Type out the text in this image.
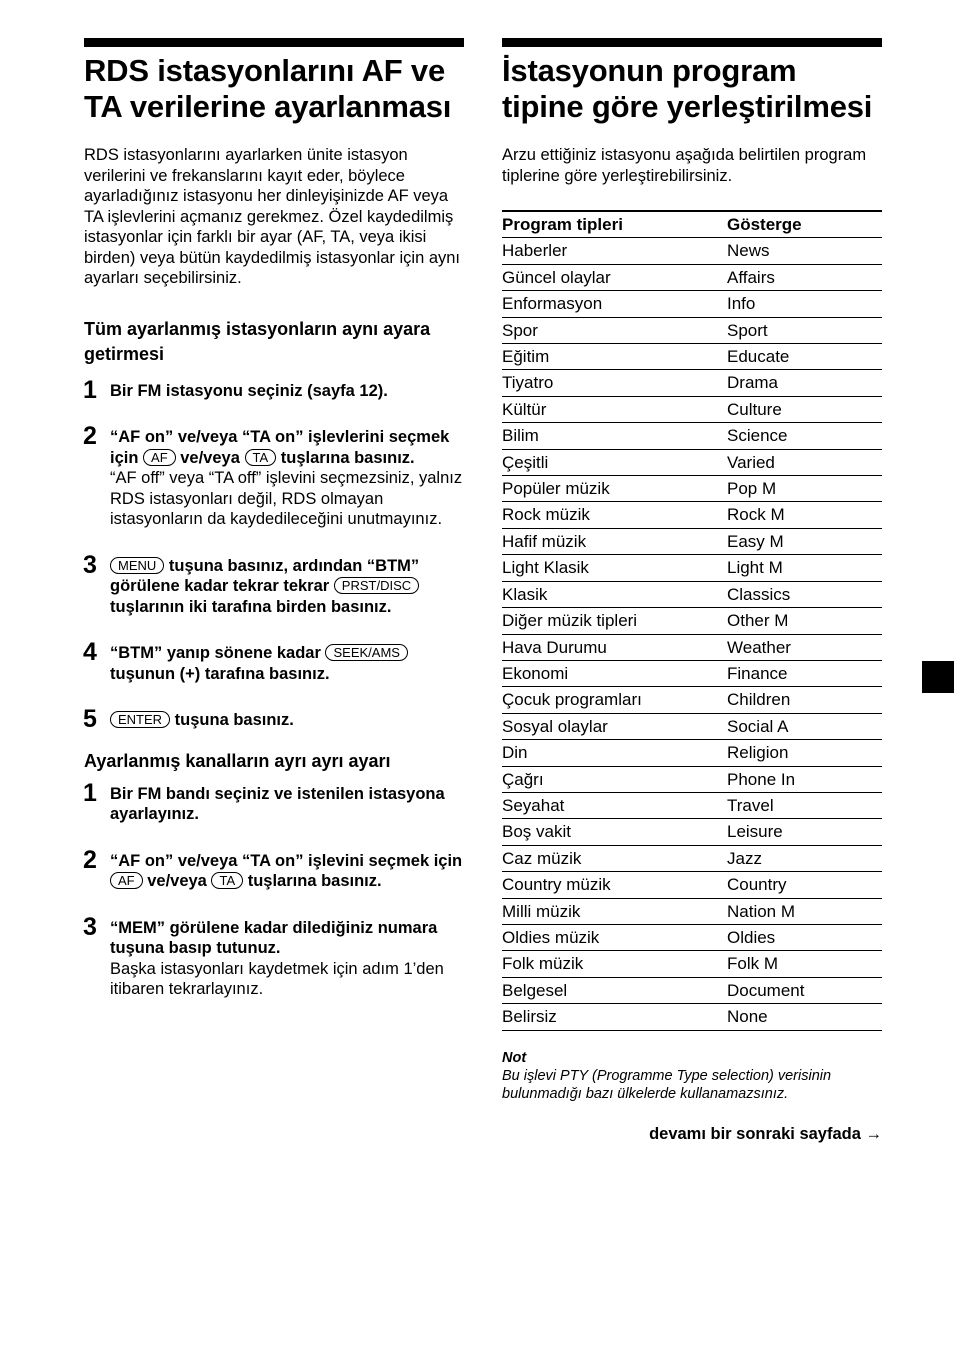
RDS istasyonlarını AF ve TA verilerine ayarlanması
RDS istasyonlarını ayarlarken ünite istasyon verilerini ve frekanslarını kayıt eder, böylece ayarladığınız istasyonu her dinleyişinizde AF veya TA işlevlerini açmanız gerekmez. Özel kaydedilmiş istasyonlar için farklı bir ayar (AF, TA, veya ikisi birden) veya bütün kaydedilmiş istasyonlar için aynı ayarları seçebilirsiniz.
Tüm ayarlanmış istasyonların aynı ayara getirmesi
1 Bir FM istasyonu seçiniz (sayfa 12).
2 “AF on” ve/veya “TA on” işlevlerini seçmek için AF ve/veya TA tuşlarına basınız.
“AF off” veya “TA off” işlevini seçmezsiniz, yalnız RDS istasyonları değil, RDS olmayan istasyonların da kaydedileceğini unutmayınız.
3 MENU tuşuna basınız, ardından “BTM” görülene kadar tekrar tekrar PRST/DISC tuşlarının iki tarafına birden basınız.
4 “BTM” yanıp sönene kadar SEEK/AMS tuşunun (+) tarafına basınız.
5 ENTER tuşuna basınız.
Ayarlanmış kanalların ayrı ayrı ayarı
1 Bir FM bandı seçiniz ve istenilen istasyona ayarlayınız.
2 “AF on” ve/veya “TA on” işlevini seçmek için AF ve/veya TA tuşlarına basınız.
3 “MEM” görülene kadar dilediğiniz numara tuşuna basıp tutunuz.
Başka istasyonları kaydetmek için adım 1’den itibaren tekrarlayınız.
İstasyonun program tipine göre yerleştirilmesi
Arzu ettiğiniz istasyonu aşağıda belirtilen program tiplerine göre yerleştirebilirsiniz.
Program tipleri	Gösterge
Haberler	News
Güncel olaylar	Affairs
Enformasyon	Info
Spor	Sport
Eğitim	Educate
Tiyatro	Drama
Kültür	Culture
Bilim	Science
Çeşitli	Varied
Popüler müzik	Pop M
Rock müzik	Rock M
Hafif müzik	Easy M
Light Klasik	Light M
Klasik	Classics
Diğer müzik tipleri	Other M
Hava Durumu	Weather
Ekonomi	Finance
Çocuk programları	Children
Sosyal olaylar	Social A
Din	Religion
Çağrı	Phone In
Seyahat	Travel
Boş vakit	Leisure
Caz müzik	Jazz
Country müzik	Country
Milli müzik	Nation M
Oldies müzik	Oldies
Folk müzik	Folk M
Belgesel	Document
Belirsiz	None
Not
Bu işlevi PTY (Programme Type selection) verisinin bulunmadığı bazı ülkelerde kullanamazsınız.
devamı bir sonraki sayfada →
